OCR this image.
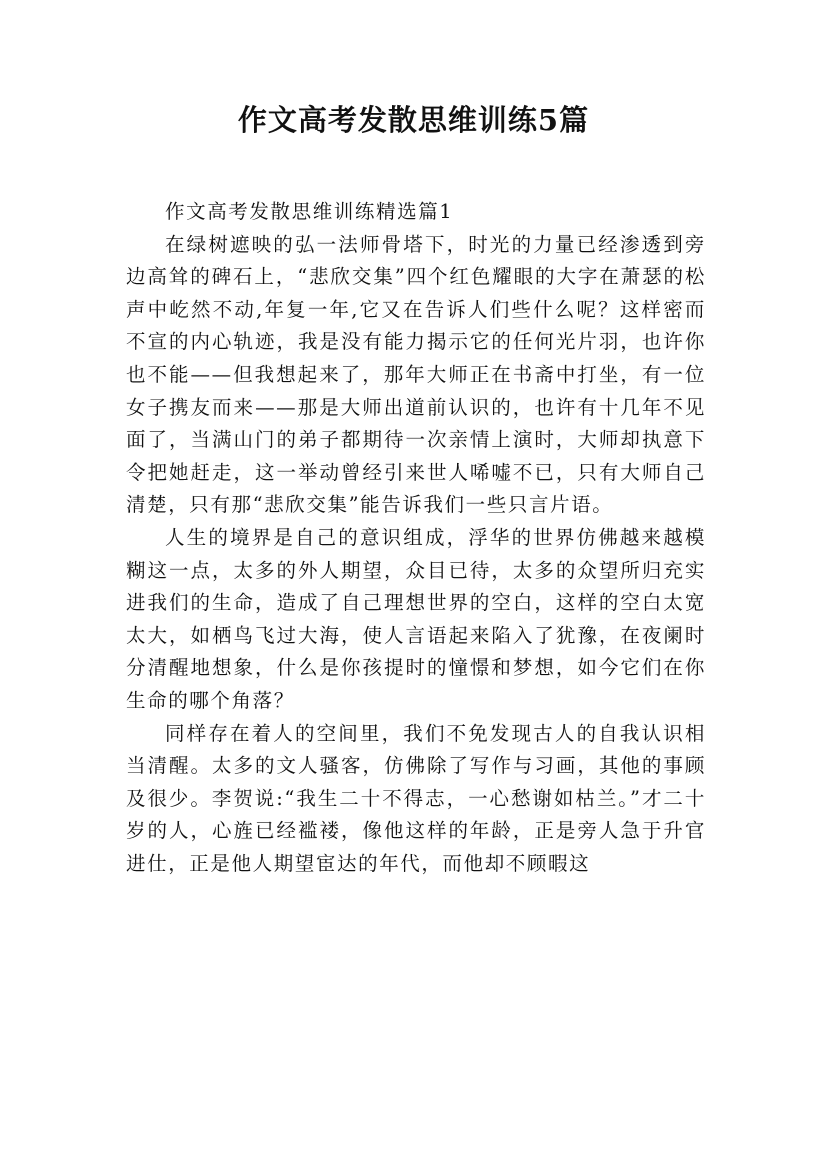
作文高考发散思维训练5篇

作文高考发散思维训练精选篇1

在绿树遮映的弘一法师骨塔下，时光的力量已经渗透到旁边高耸的碑石上，“悲欣交集”四个红色耀眼的大字在萧瑟的松声中屹然不动,年复一年,它又在告诉人们些什么呢？这样密而不宣的内心轨迹，我是没有能力揭示它的任何光片羽，也许你也不能——但我想起来了，那年大师正在书斋中打坐，有一位女子携友而来——那是大师出道前认识的，也许有十几年不见面了，当满山门的弟子都期待一次亲情上演时，大师却执意下令把她赶走，这一举动曾经引来世人唏嘘不已，只有大师自己清楚，只有那“悲欣交集”能告诉我们一些只言片语。

人生的境界是自己的意识组成，浮华的世界仿佛越来越模糊这一点，太多的外人期望，众目已待，太多的众望所归充实进我们的生命，造成了自己理想世界的空白，这样的空白太宽太大，如栖鸟飞过大海，使人言语起来陷入了犹豫，在夜阑时分清醒地想象，什么是你孩提时的憧憬和梦想，如今它们在你生命的哪个角落？

同样存在着人的空间里，我们不免发现古人的自我认识相当清醒。太多的文人骚客，仿佛除了写作与习画，其他的事顾及很少。李贺说:“我生二十不得志，一心愁谢如枯兰。”才二十岁的人，心旌已经褴褛，像他这样的年龄，正是旁人急于升官进仕，正是他人期望宦达的年代，而他却不顾暇这
